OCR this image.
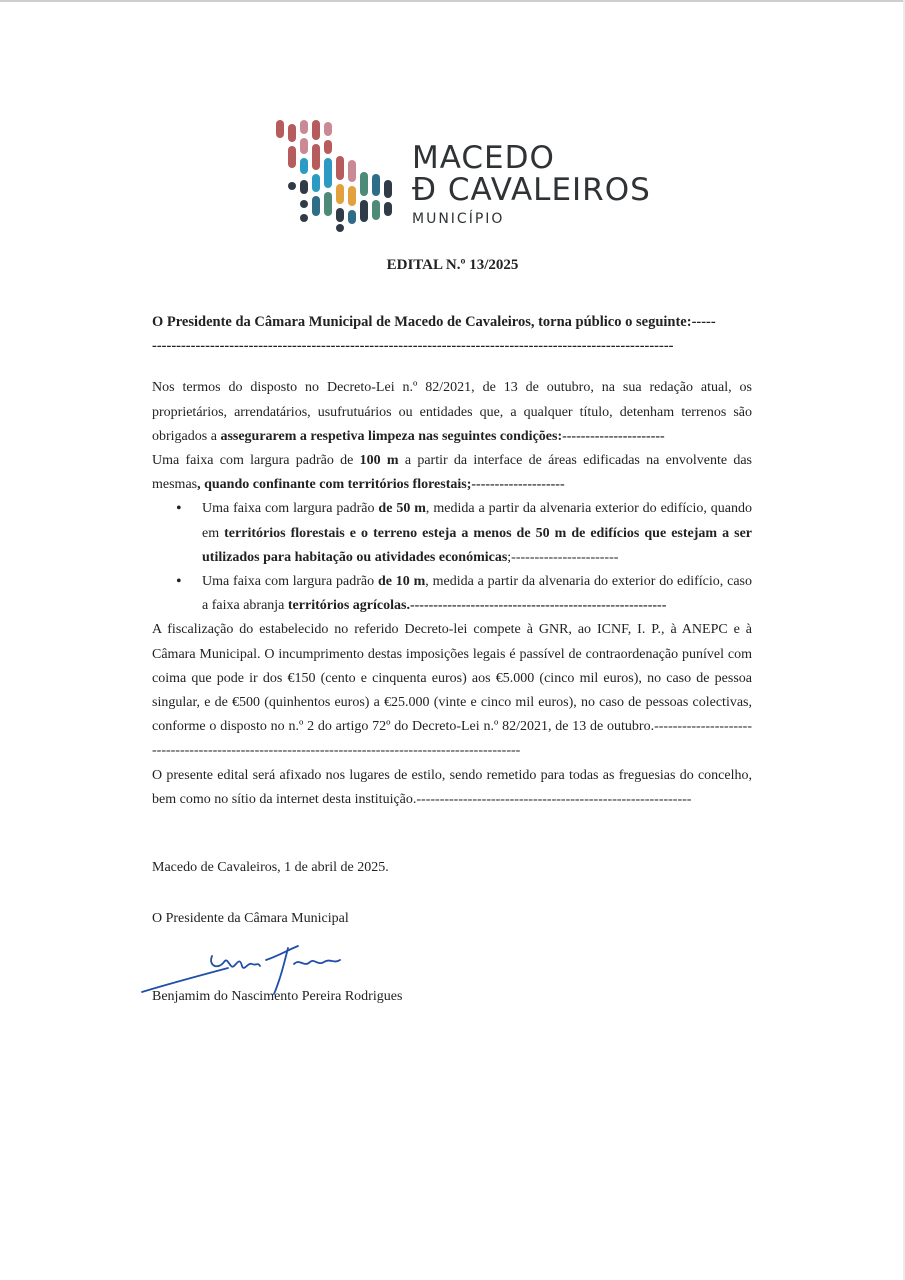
MACEDO
Ð CAVALEIROS
MUNICÍPIO
EDITAL N.º 13/2025

O Presidente da Câmara Municipal de Macedo de Cavaleiros, torna público o seguinte:-----
------------------------------------------------------------------------------------------------------------

Nos termos do disposto no Decreto-Lei n.º 82/2021, de 13 de outubro, na sua redação atual, os proprietários, arrendatários, usufrutuários ou entidades que, a qualquer título, detenham terrenos são obrigados a assegurarem a respetiva limpeza nas seguintes condições:----------------------

Uma faixa com largura padrão de 100 m a partir da interface de áreas edificadas na envolvente das mesmas, quando confinante com territórios florestais;--------------------

• Uma faixa com largura padrão de 50 m, medida a partir da alvenaria exterior do edifício, quando em territórios florestais e o terreno esteja a menos de 50 m de edifícios que estejam a ser utilizados para habitação ou atividades económicas;-----------------------
• Uma faixa com largura padrão de 10 m, medida a partir da alvenaria do exterior do edifício, caso a faixa abranja territórios agrícolas.-------------------------------------------------------

A fiscalização do estabelecido no referido Decreto-lei compete à GNR, ao ICNF, I. P., à ANEPC e à Câmara Municipal. O incumprimento destas imposições legais é passível de contraordenação punível com coima que pode ir dos €150 (cento e cinquenta euros) aos €5.000 (cinco mil euros), no caso de pessoa singular, e de €500 (quinhentos euros) a €25.000 (vinte e cinco mil euros), no caso de pessoas colectivas, conforme o disposto no n.º 2 do artigo 72º do Decreto-Lei n.º 82/2021, de 13 de outubro.----------------------------------------------------------------------------------------------------

O presente edital será afixado nos lugares de estilo, sendo remetido para todas as freguesias do concelho, bem como no sítio da internet desta instituição.-----------------------------------------------------------

Macedo de Cavaleiros, 1 de abril de 2025.
O Presidente da Câmara Municipal
Benjamim do Nascimento Pereira Rodrigues
